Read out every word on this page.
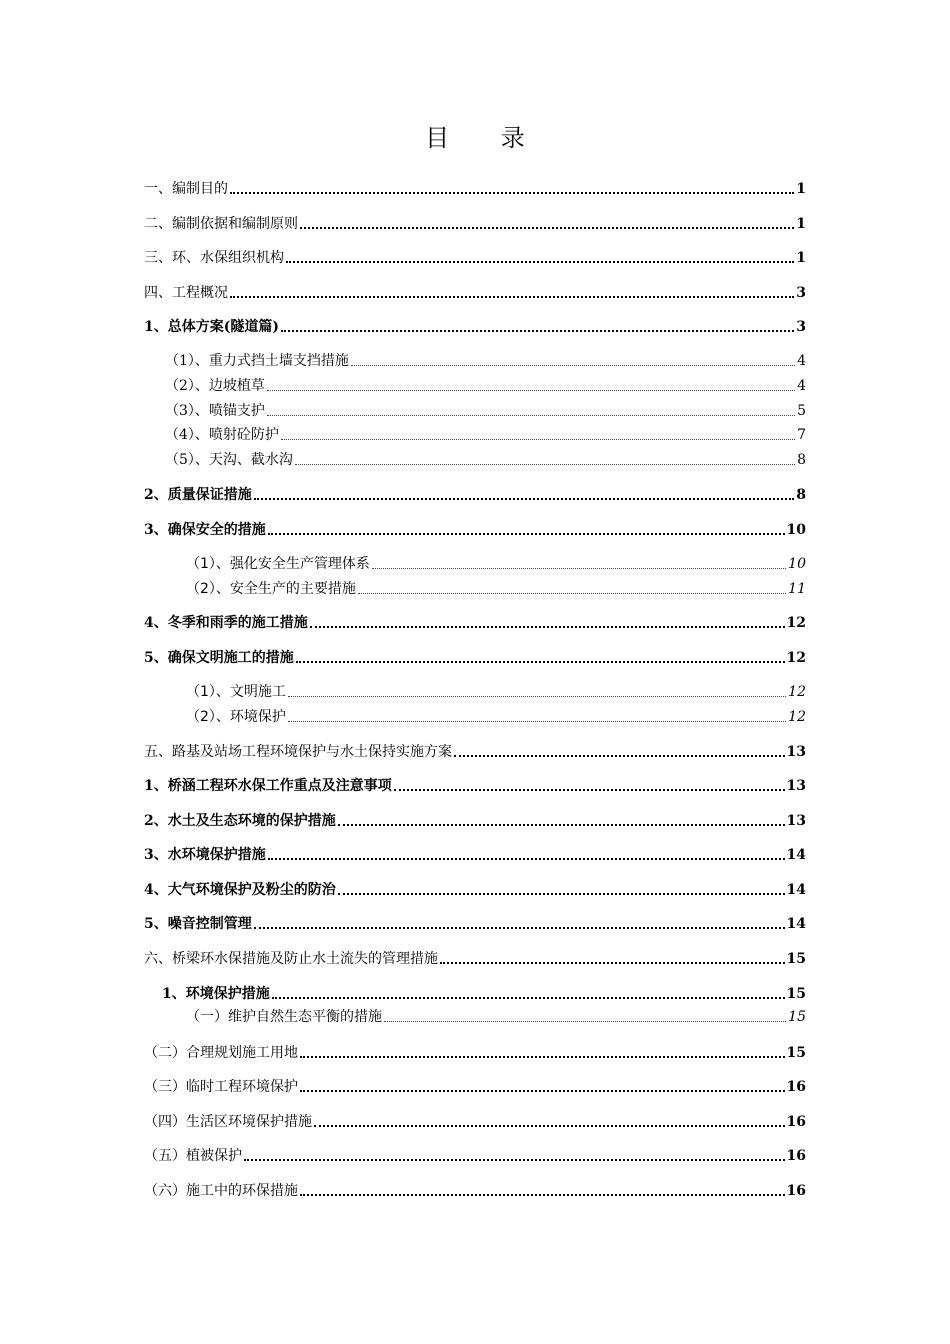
目 录
一、编制目的	1
二、编制依据和编制原则	1
三、环、水保组织机构	1
四、工程概况	3
1、总体方案(隧道篇)	3
（1）、重力式挡土墙支挡措施	4
（2）、边坡植草	4
（3）、喷锚支护	5
（4）、喷射砼防护	7
（5）、天沟、截水沟	8
2、质量保证措施	8
3、确保安全的措施	10
（1）、强化安全生产管理体系	10
（2）、安全生产的主要措施	11
4、冬季和雨季的施工措施	12
5、确保文明施工的措施	12
（1）、文明施工	12
（2）、环境保护	12
五、路基及站场工程环境保护与水土保持实施方案	13
1、桥涵工程环水保工作重点及注意事项	13
2、水土及生态环境的保护措施	13
3、水环境保护措施	14
4、大气环境保护及粉尘的防治	14
5、噪音控制管理	14
六、桥梁环水保措施及防止水土流失的管理措施	15
1、环境保护措施	15
（一）维护自然生态平衡的措施	15
（二）合理规划施工用地	15
（三）临时工程环境保护	16
（四）生活区环境保护措施	16
（五）植被保护	16
（六）施工中的环保措施	16
